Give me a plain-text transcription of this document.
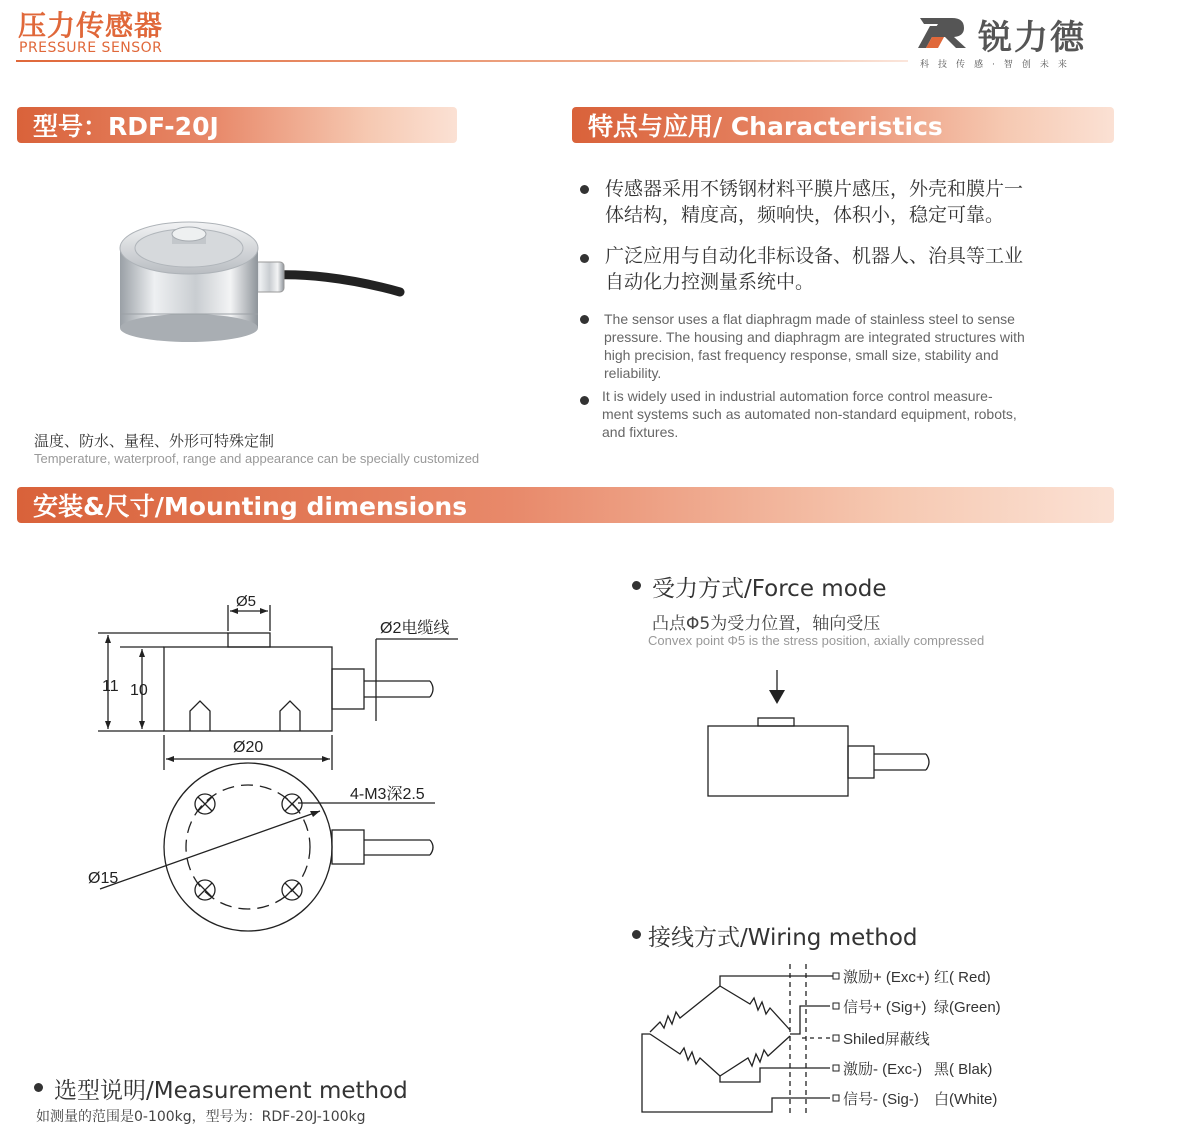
压力传感器
PRESSURE SENSOR	锐力德
科技传感·智创未来
型号：RDF-20J	特点与应用/ Characteristics
安装&尺寸/Mounting dimensions
温度、防水、量程、外形可特殊定制
Temperature, waterproof, range and appearance can be specially customized
传感器采用不锈钢材料平膜片感压，外壳和膜片一
体结构，精度高，频响快，体积小，稳定可靠。
广泛应用与自动化非标设备、机器人、治具等工业
自动化力控测量系统中。
The sensor uses a flat diaphragm made of stainless steel to sense
pressure. The housing and diaphragm are integrated structures with
high precision, fast frequency response, small size, stability and
reliability.
It is widely used in industrial automation force control measure-
ment systems such as automated non-standard equipment, robots,
and fixtures.
Ø5
Ø2电缆线
11 10
Ø20
4-M3深2.5
Ø15
受力方式/Force mode
凸点Φ5为受力位置，轴向受压
Convex point Φ5 is the stress position, axially compressed
接线方式/Wiring method
激励+ (Exc+) 红( Red)
信号+ (Sig+) 绿(Green)
Shiled屏蔽线
激励- (Exc-) 黑( Blak)
信号- (Sig-) 白(White)
选型说明/Measurement method
如测量的范围是0-100kg，型号为：RDF-20J-100kg
